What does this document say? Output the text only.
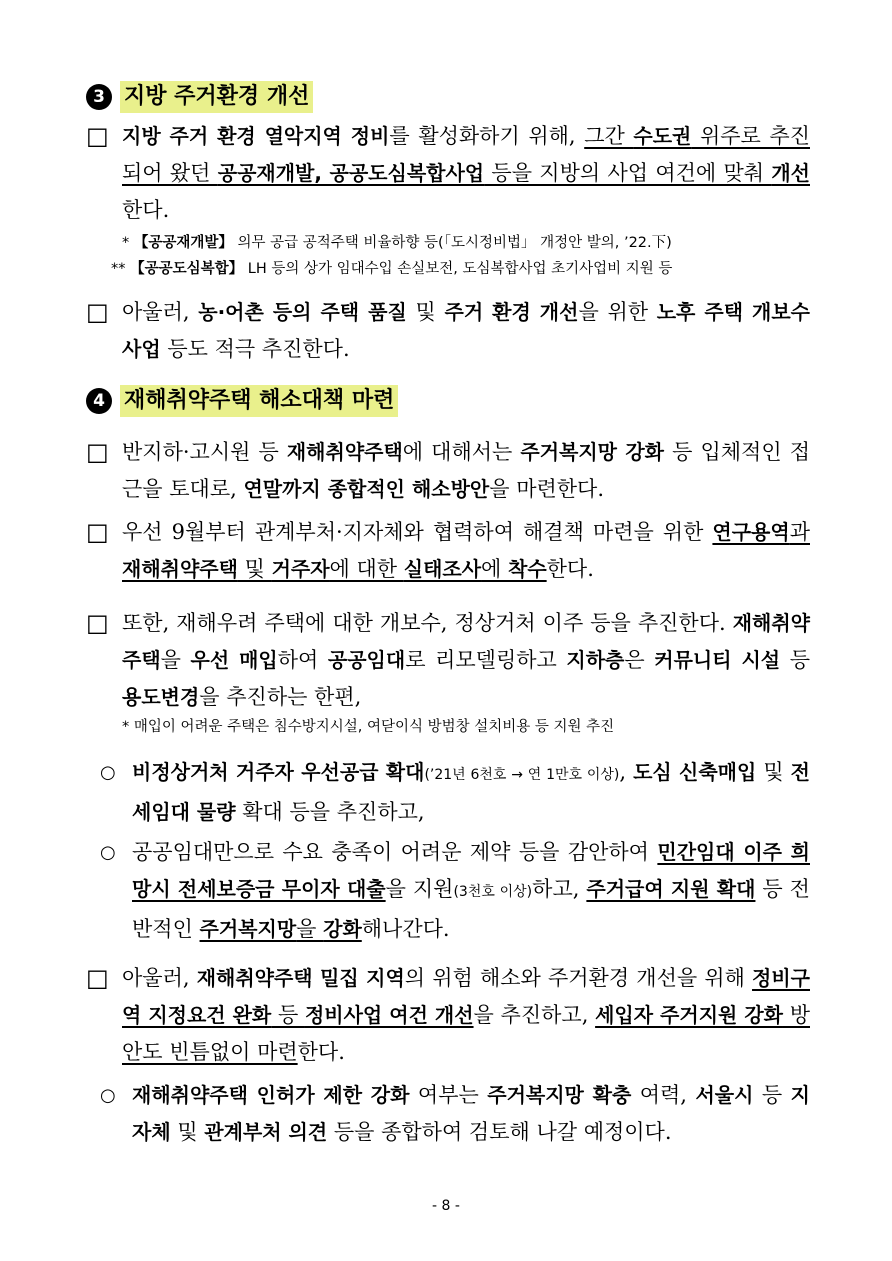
3 지방 주거환경 개선
□ 지방 주거 환경 열악지역 정비를 활성화하기 위해, 그간 수도권 위주로 추진되어 왔던 공공재개발, 공공도심복합사업 등을 지방의 사업 여건에 맞춰 개선한다.
* 【공공재개발】 의무 공급 공적주택 비율하향 등(「도시정비법」 개정안 발의, ’22.下)
** 【공공도심복합】 LH 등의 상가 임대수입 손실보전, 도심복합사업 초기사업비 지원 등
□ 아울러, 농·어촌 등의 주택 품질 및 주거 환경 개선을 위한 노후 주택 개보수 사업 등도 적극 추진한다.
4 재해취약주택 해소대책 마련
□ 반지하·고시원 등 재해취약주택에 대해서는 주거복지망 강화 등 입체적인 접근을 토대로, 연말까지 종합적인 해소방안을 마련한다.
□ 우선 9월부터 관계부처·지자체와 협력하여 해결책 마련을 위한 연구용역과 재해취약주택 및 거주자에 대한 실태조사에 착수한다.
□ 또한, 재해우려 주택에 대한 개보수, 정상거처 이주 등을 추진한다. 재해취약주택을 우선 매입하여 공공임대로 리모델링하고 지하층은 커뮤니티 시설 등 용도변경을 추진하는 한편,
* 매입이 어려운 주택은 침수방지시설, 여닫이식 방범창 설치비용 등 지원 추진
○ 비정상거처 거주자 우선공급 확대(’21년 6천호 → 연 1만호 이상), 도심 신축매입 및 전세임대 물량 확대 등을 추진하고,
○ 공공임대만으로 수요 충족이 어려운 제약 등을 감안하여 민간임대 이주 희망시 전세보증금 무이자 대출을 지원(3천호 이상)하고, 주거급여 지원 확대 등 전반적인 주거복지망을 강화해나간다.
□ 아울러, 재해취약주택 밀집 지역의 위험 해소와 주거환경 개선을 위해 정비구역 지정요건 완화 등 정비사업 여건 개선을 추진하고, 세입자 주거지원 강화 방안도 빈틈없이 마련한다.
○ 재해취약주택 인허가 제한 강화 여부는 주거복지망 확충 여력, 서울시 등 지자체 및 관계부처 의견 등을 종합하여 검토해 나갈 예정이다.
- 8 -
